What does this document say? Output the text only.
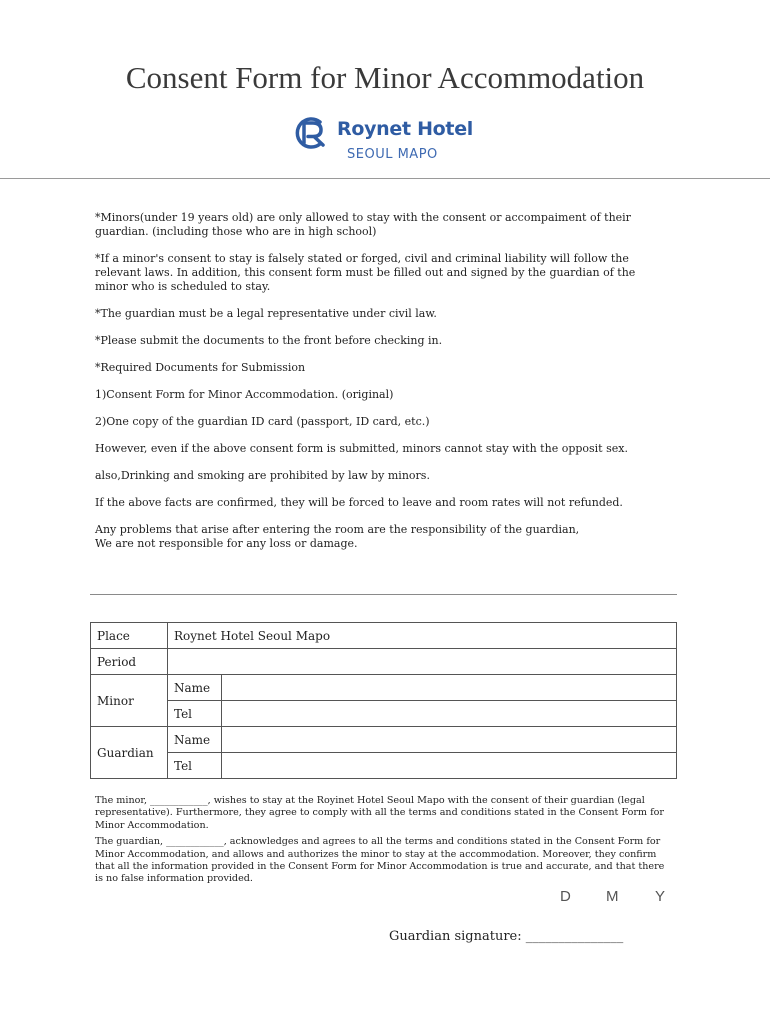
Consent Form for Minor Accommodation
Roynet Hotel
SEOUL MAPO

*Minors(under 19 years old) are only allowed to stay with the consent or accompaiment of their guardian. (including those who are in high school)

*If a minor's consent to stay is falsely stated or forged, civil and criminal liability will follow the relevant laws. In addition, this consent form must be filled out and signed by the guardian of the minor who is scheduled to stay.

*The guardian must be a legal representative under civil law.

*Please submit the documents to the front before checking in.

*Required Documents for Submission

1)Consent Form for Minor Accommodation. (original)

2)One copy of the guardian ID card (passport, ID card, etc.)

However, even if the above consent form is submitted, minors cannot stay with the opposit sex.

also,Drinking and smoking are prohibited by law by minors.

If the above facts are confirmed, they will be forced to leave and room rates will not refunded.

Any problems that arise after entering the room are the responsibility of the guardian,
We are not responsible for any loss or damage.

Place	Roynet Hotel Seoul Mapo	
Period		
Minor	Name	
	Tel	
Guardian	Name	
	Tel	

The minor, ____________, wishes to stay at the Royinet Hotel Seoul Mapo with the consent of their guardian (legal representative). Furthermore, they agree to comply with all the terms and conditions stated in the Consent Form for Minor Accommodation.

The guardian, ____________, acknowledges and agrees to all the terms and conditions stated in the Consent Form for Minor Accommodation, and allows and authorizes the minor to stay at the accommodation. Moreover, they confirm that all the information provided in the Consent Form for Minor Accommodation is true and accurate, and that there is no false information provided.

D M Y
Guardian signature: _______________
